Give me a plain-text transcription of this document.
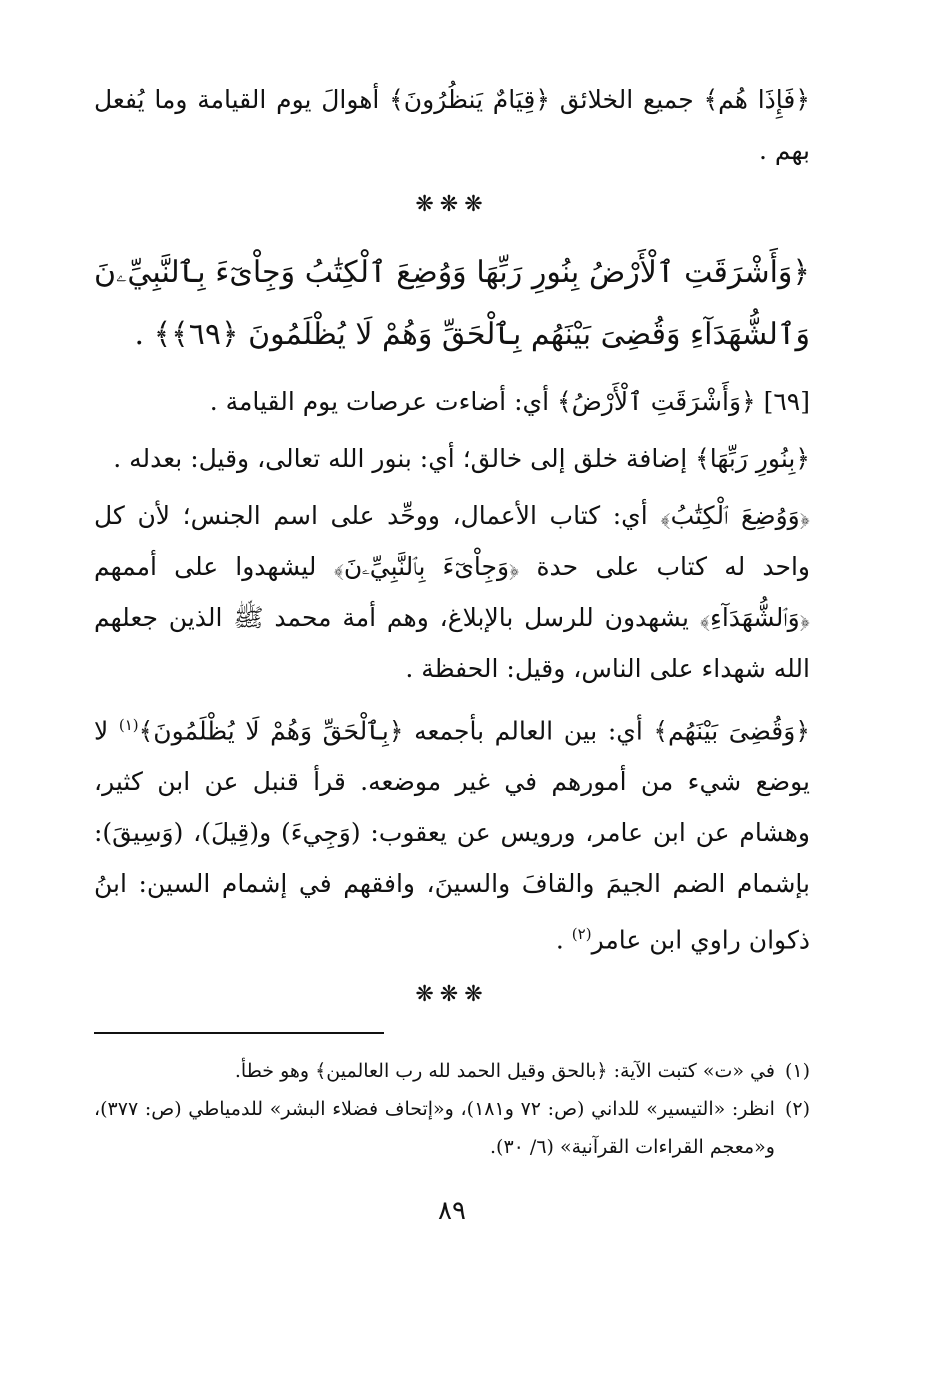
﴿فَإِذَا هُم﴾ جميع الخلائق ﴿قِيَامٌ يَنظُرُونَ﴾ أهوالَ يوم القيامة وما يُفعل بهم .

❋❋❋

﴿وَأَشْرَقَتِ ٱلْأَرْضُ بِنُورِ رَبِّهَا وَوُضِعَ ٱلْكِتَٰبُ وَجِاْىٓءَ بِٱلنَّبِيِّۦنَ وَٱلشُّهَدَآءِ وَقُضِىَ بَيْنَهُم بِٱلْحَقِّ وَهُمْ لَا يُظْلَمُونَ ﴿٦٩﴾﴾ .

[٦٩] ﴿وَأَشْرَقَتِ ٱلْأَرْضُ﴾ أي: أضاءت عرصات يوم القيامة .

﴿بِنُورِ رَبِّهَا﴾ إضافة خلق إلى خالق؛ أي: بنور الله تعالى، وقيل: بعدله .

﴿وَوُضِعَ ٱلْكِتَٰبُ﴾ أي: كتاب الأعمال، ووحِّد على اسم الجنس؛ لأن كل واحد له كتاب على حدة ﴿وَجِاْىٓءَ بِٱلنَّبِيِّۦنَ﴾ ليشهدوا على أممهم ﴿وَٱلشُّهَدَآءِ﴾ يشهدون للرسل بالإبلاغ، وهم أمة محمد ﷺ الذين جعلهم الله شهداء على الناس، وقيل: الحفظة .

﴿وَقُضِىَ بَيْنَهُم﴾ أي: بين العالم بأجمعه ﴿بِٱلْحَقِّ وَهُمْ لَا يُظْلَمُونَ﴾$^{(١)}$ لا يوضع شيء من أمورهم في غير موضعه. قرأ قنبل عن ابن كثير، وهشام عن ابن عامر، ورويس عن يعقوب: (وَجِيءَ) و(قِيلَ)، (وَسِيقَ): بإشمام الضم الجيمَ والقافَ والسينَ، وافقهم في إشمام السين: ابنُ ذكوان راوي ابن عامر$^{(٢)}$ .

❋❋❋
(١)
في «ت» كتبت الآية: ﴿بالحق وقيل الحمد لله رب العالمين﴾ وهو خطأ.
(٢)
انظر: «التيسير» للداني (ص: ٧٢ و١٨١)، و«إتحاف فضلاء البشر» للدمياطي (ص: ٣٧٧)، و«معجم القراءات القرآنية» (٦/ ٣٠).
٨٩
